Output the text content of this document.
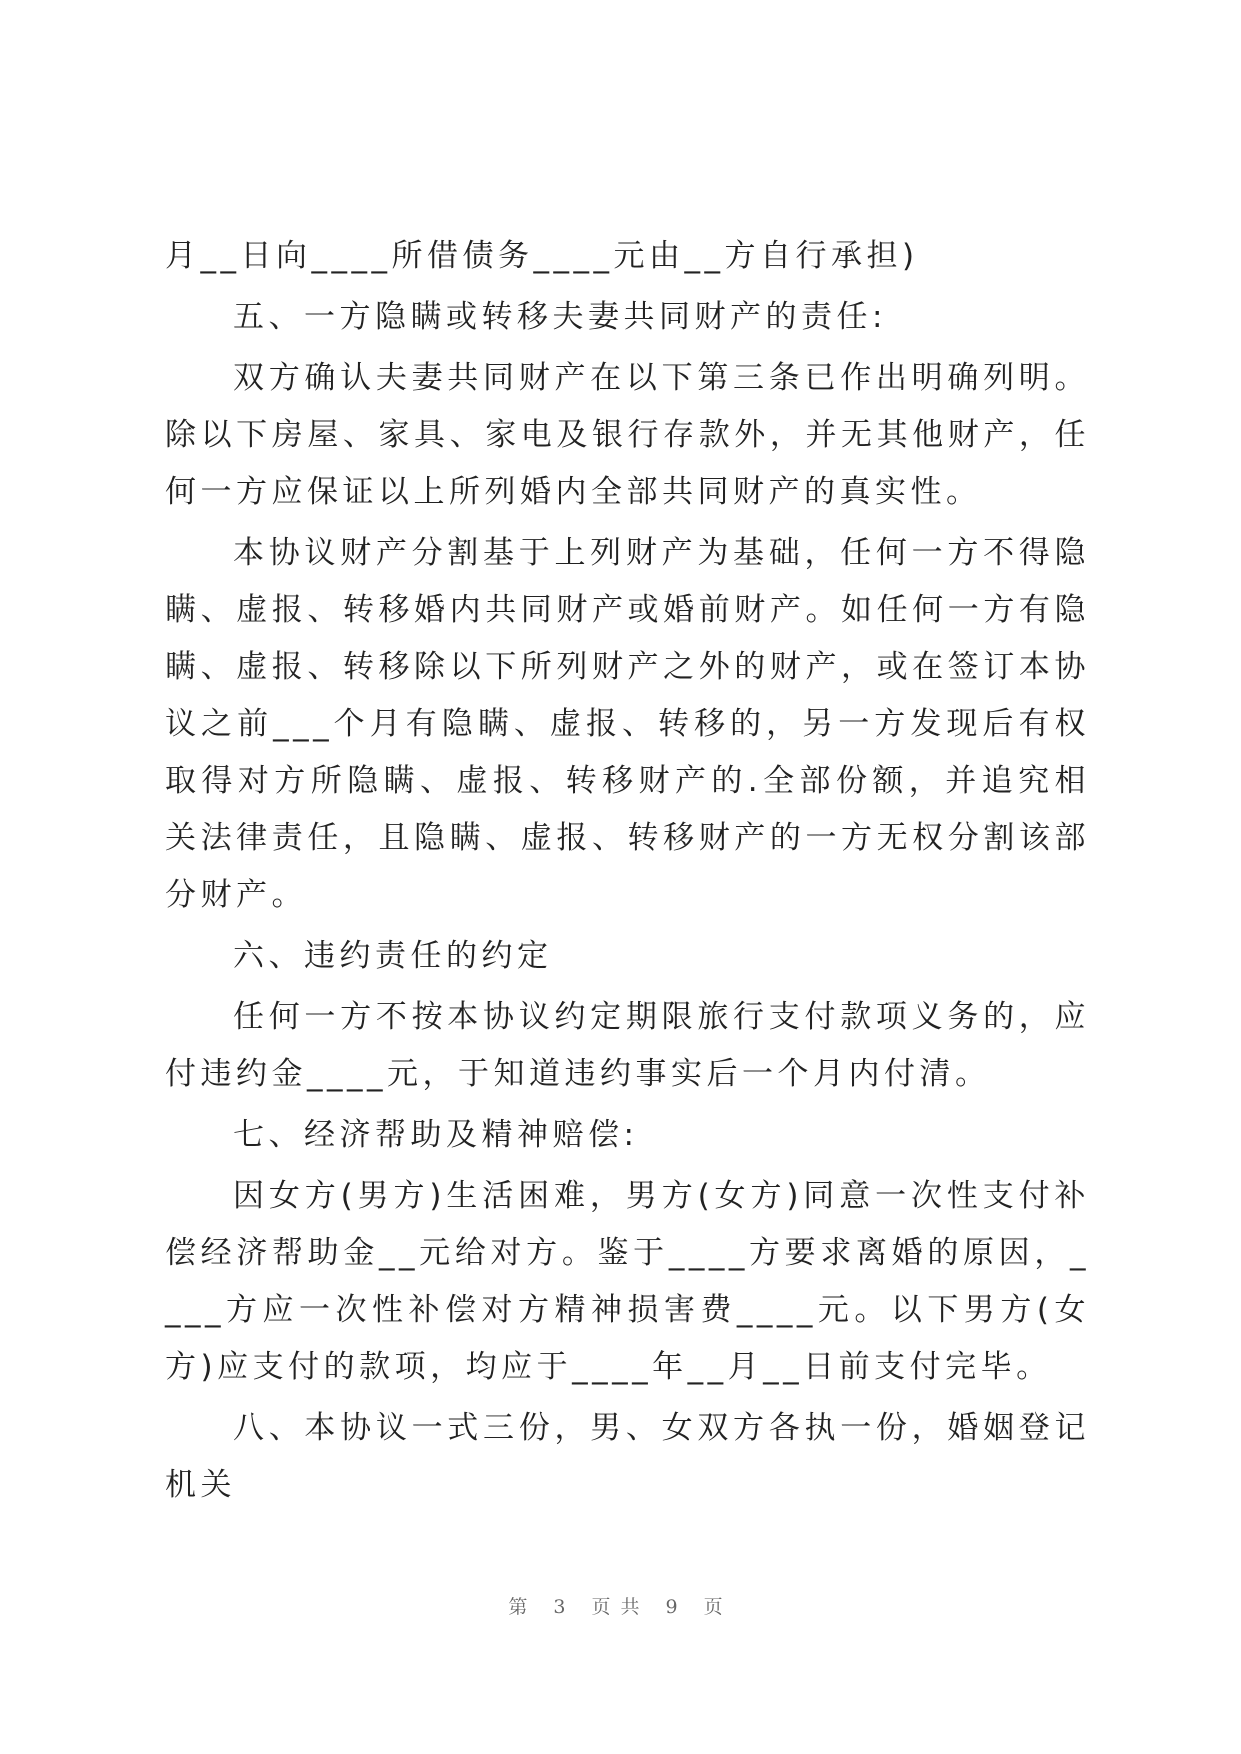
月__日向____所借债务____元由__方自行承担)

五、一方隐瞒或转移夫妻共同财产的责任:

双方确认夫妻共同财产在以下第三条已作出明确列明。除以下房屋、家具、家电及银行存款外，并无其他财产，任何一方应保证以上所列婚内全部共同财产的真实性。

本协议财产分割基于上列财产为基础，任何一方不得隐瞒、虚报、转移婚内共同财产或婚前财产。如任何一方有隐瞒、虚报、转移除以下所列财产之外的财产，或在签订本协议之前___个月有隐瞒、虚报、转移的，另一方发现后有权取得对方所隐瞒、虚报、转移财产的.全部份额，并追究相关法律责任，且隐瞒、虚报、转移财产的一方无权分割该部分财产。

六、违约责任的约定

任何一方不按本协议约定期限旅行支付款项义务的，应付违约金____元，于知道违约事实后一个月内付清。

七、经济帮助及精神赔偿:

因女方(男方)生活困难，男方(女方)同意一次性支付补偿经济帮助金__元给对方。鉴于____方要求离婚的原因，____方应一次性补偿对方精神损害费____元。以下男方(女方)应支付的款项，均应于____年__月__日前支付完毕。

八、本协议一式三份，男、女双方各执一份，婚姻登记机关

第 3 页共 9 页
